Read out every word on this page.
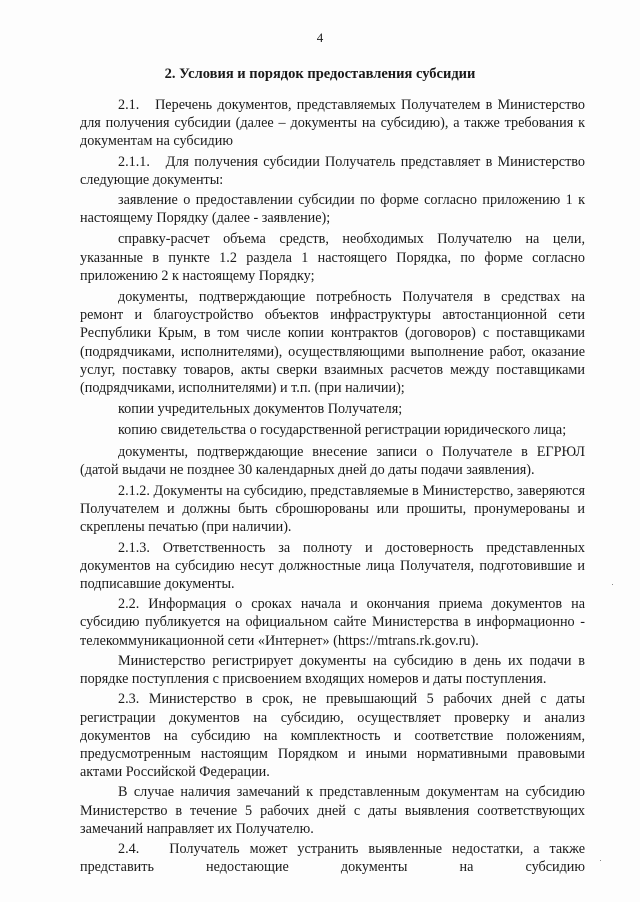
4
2. Условия и порядок предоставления субсидии

2.1.   Перечень документов, представляемых Получателем в Министерство для получения субсидии (далее – документы на субсидию), а также требования к документам на субсидию

2.1.1.   Для получения субсидии Получатель представляет в Министерство следующие документы:

заявление о предоставлении субсидии по форме согласно приложению 1 к настоящему Порядку (далее - заявление);

справку-расчет объема средств, необходимых Получателю на цели, указанные в пункте 1.2 раздела 1 настоящего Порядка, по форме согласно приложению 2 к настоящему Порядку;

документы, подтверждающие потребность Получателя в средствах на ремонт и благоустройство объектов инфраструктуры автостанционной сети Республики Крым, в том числе копии контрактов (договоров) с поставщиками (подрядчиками, исполнителями), осуществляющими выполнение работ, оказание услуг, поставку товаров, акты сверки взаимных расчетов между поставщиками (подрядчиками, исполнителями) и т.п. (при наличии);

копии учредительных документов Получателя;

копию свидетельства о государственной регистрации юридического лица;

документы, подтверждающие внесение записи о Получателе в ЕГРЮЛ (датой выдачи не позднее 30 календарных дней до даты подачи заявления).

2.1.2. Документы на субсидию, представляемые в Министерство, заверяются Получателем и должны быть сброшюрованы или прошиты, пронумерованы и скреплены печатью (при наличии).

2.1.3. Ответственность за полноту и достоверность представленных документов на субсидию несут должностные лица Получателя, подготовившие и подписавшие документы.

2.2. Информация о сроках начала и окончания приема документов на субсидию публикуется на официальном сайте Министерства в информационно - телекоммуникационной сети «Интернет» (https://mtrans.rk.gov.ru).

Министерство регистрирует документы на субсидию в день их подачи в порядке поступления с присвоением входящих номеров и даты поступления.

2.3. Министерство в срок, не превышающий 5 рабочих дней с даты регистрации документов на субсидию, осуществляет проверку и анализ документов на субсидию на комплектность и соответствие положениям, предусмотренным настоящим Порядком и иными нормативными правовыми актами Российской Федерации.

В случае наличия замечаний к представленным документам на субсидию Министерство в течение 5 рабочих дней с даты выявления соответствующих замечаний направляет их Получателю.

2.4.   Получатель может устранить выявленные недостатки, а также представить недостающие документы на субсидию
